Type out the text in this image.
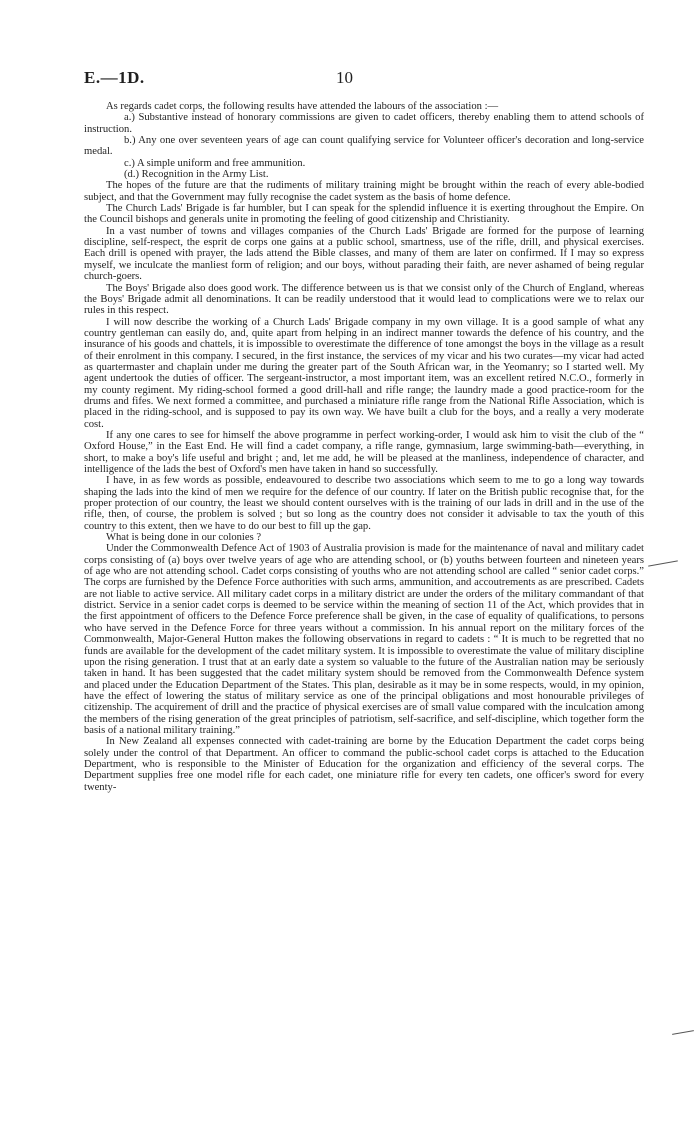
E.—1D.	10

As regards cadet corps, the following results have attended the labours of the association :—

a.) Substantive instead of honorary commissions are given to cadet officers, thereby enabling them to attend schools of instruction.

b.) Any one over seventeen years of age can count qualifying service for Volunteer officer's decoration and long-service medal.

c.) A simple uniform and free ammunition.

(d.) Recognition in the Army List.

The hopes of the future are that the rudiments of military training might be brought within the reach of every able-bodied subject, and that the Government may fully recognise the cadet system as the basis of home defence.

The Church Lads' Brigade is far humbler, but I can speak for the splendid influence it is exerting throughout the Empire. On the Council bishops and generals unite in promoting the feeling of good citizenship and Christianity.

In a vast number of towns and villages companies of the Church Lads' Brigade are formed for the purpose of learning discipline, self-respect, the esprit de corps one gains at a public school, smartness, use of the rifle, drill, and physical exercises. Each drill is opened with prayer, the lads attend the Bible classes, and many of them are later on confirmed. If I may so express myself, we inculcate the manliest form of religion; and our boys, without parading their faith, are never ashamed of being regular church-goers.

The Boys' Brigade also does good work. The difference between us is that we consist only of the Church of England, whereas the Boys' Brigade admit all denominations. It can be readily understood that it would lead to complications were we to relax our rules in this respect.

I will now describe the working of a Church Lads' Brigade company in my own village. It is a good sample of what any country gentleman can easily do, and, quite apart from helping in an indirect manner towards the defence of his country, and the insurance of his goods and chattels, it is impossible to overestimate the difference of tone amongst the boys in the village as a result of their enrolment in this company. I secured, in the first instance, the services of my vicar and his two curates—my vicar had acted as quartermaster and chaplain under me during the greater part of the South African war, in the Yeomanry; so I started well. My agent undertook the duties of officer. The sergeant-instructor, a most important item, was an excellent retired N.C.O., formerly in my county regiment. My riding-school formed a good drill-hall and rifle range; the laundry made a good practice-room for the drums and fifes. We next formed a committee, and purchased a miniature rifle range from the National Rifle Association, which is placed in the riding-school, and is supposed to pay its own way. We have built a club for the boys, and a really a very moderate cost.

If any one cares to see for himself the above programme in perfect working-order, I would ask him to visit the club of the “ Oxford House,” in the East End. He will find a cadet company, a rifle range, gymnasium, large swimming-bath—everything, in short, to make a boy's life useful and bright ; and, let me add, he will be pleased at the manliness, independence of character, and intelligence of the lads the best of Oxford's men have taken in hand so successfully.

I have, in as few words as possible, endeavoured to describe two associations which seem to me to go a long way towards shaping the lads into the kind of men we require for the defence of our country. If later on the British public recognise that, for the proper protection of our country, the least we should content ourselves with is the training of our lads in drill and in the use of the rifle, then, of course, the problem is solved ; but so long as the country does not consider it advisable to tax the youth of this country to this extent, then we have to do our best to fill up the gap.

What is being done in our colonies ?

Under the Commonwealth Defence Act of 1903 of Australia provision is made for the maintenance of naval and military cadet corps consisting of (a) boys over twelve years of age who are attending school, or (b) youths between fourteen and nineteen years of age who are not attending school. Cadet corps consisting of youths who are not attending school are called “ senior cadet corps.” The corps are furnished by the Defence Force authorities with such arms, ammunition, and accoutrements as are prescribed. Cadets are not liable to active service. All military cadet corps in a military district are under the orders of the military commandant of that district. Service in a senior cadet corps is deemed to be service within the meaning of section 11 of the Act, which provides that in the first appointment of officers to the Defence Force preference shall be given, in the case of equality of qualifications, to persons who have served in the Defence Force for three years without a commission. In his annual report on the military forces of the Commonwealth, Major-General Hutton makes the following observations in regard to cadets : “ It is much to be regretted that no funds are available for the development of the cadet military system. It is impossible to overestimate the value of military discipline upon the rising generation. I trust that at an early date a system so valuable to the future of the Australian nation may be seriously taken in hand. It has been suggested that the cadet military system should be removed from the Commonwealth Defence system and placed under the Education Department of the States. This plan, desirable as it may be in some respects, would, in my opinion, have the effect of lowering the status of military service as one of the principal obligations and most honourable privileges of citizenship. The acquirement of drill and the practice of physical exercises are of small value compared with the inculcation among the members of the rising generation of the great principles of patriotism, self-sacrifice, and self-discipline, which together form the basis of a national military training.”

In New Zealand all expenses connected with cadet-training are borne by the Education Department the cadet corps being solely under the control of that Department. An officer to command the public-school cadet corps is attached to the Education Department, who is responsible to the Minister of Education for the organization and efficiency of the several corps. The Department supplies free one model rifle for each cadet, one miniature rifle for every ten cadets, one officer's sword for every twenty-
